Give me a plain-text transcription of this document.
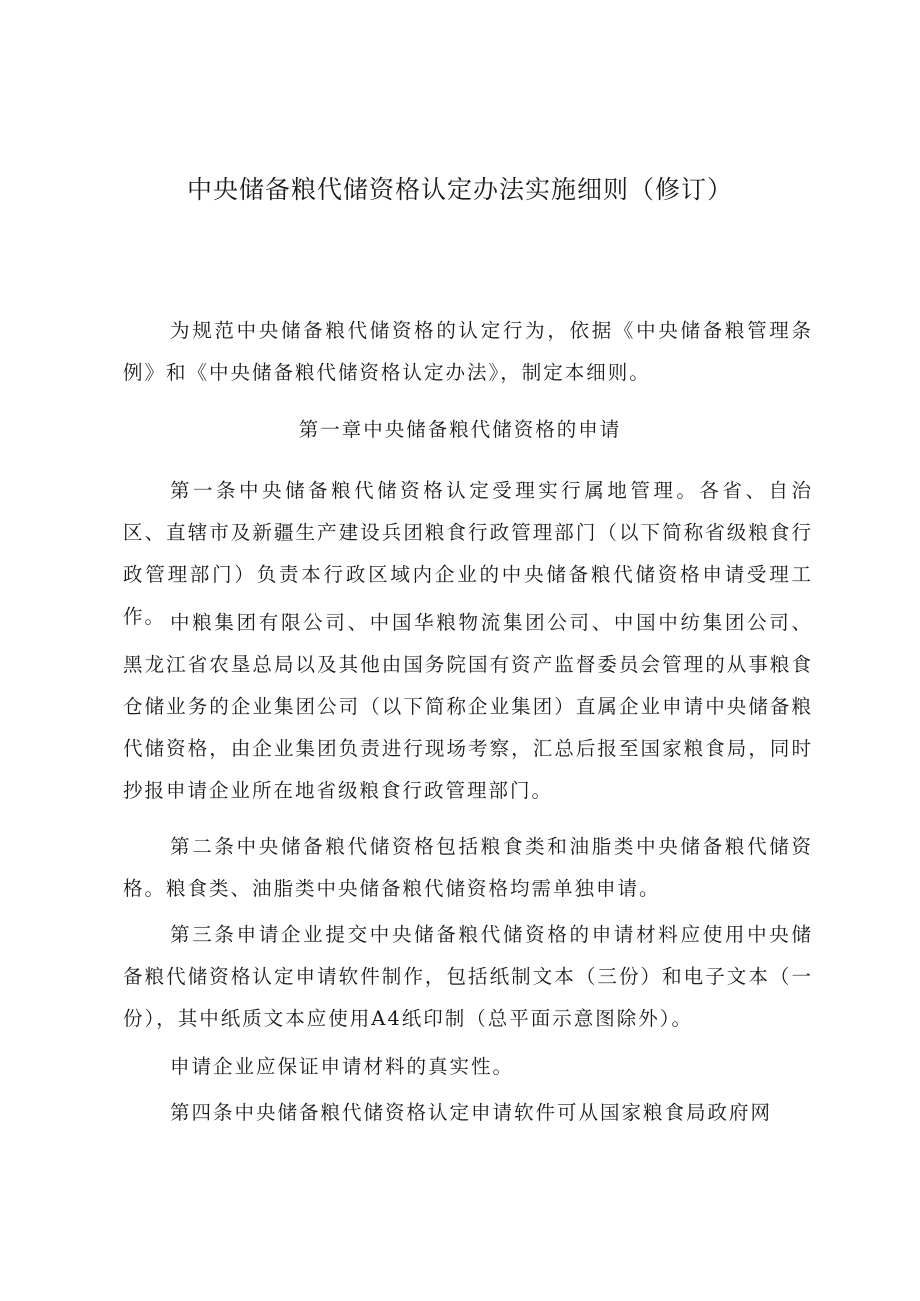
中央储备粮代储资格认定办法实施细则（修订）

为规范中央储备粮代储资格的认定行为，依据《中央储备粮管理条例》和《中央储备粮代储资格认定办法》，制定本细则。

第一章中央储备粮代储资格的申请

第一条中央储备粮代储资格认定受理实行属地管理。各省、自治区、直辖市及新疆生产建设兵团粮食行政管理部门（以下简称省级粮食行政管理部门）负责本行政区域内企业的中央储备粮代储资格申请受理工作。 中粮集团有限公司、中国华粮物流集团公司、中国中纺集团公司、黑龙江省农垦总局以及其他由国务院国有资产监督委员会管理的从事粮食仓储业务的企业集团公司（以下简称企业集团）直属企业申请中央储备粮代储资格，由企业集团负责进行现场考察，汇总后报至国家粮食局，同时抄报申请企业所在地省级粮食行政管理部门。

第二条中央储备粮代储资格包括粮食类和油脂类中央储备粮代储资格。粮食类、油脂类中央储备粮代储资格均需单独申请。

第三条申请企业提交中央储备粮代储资格的申请材料应使用中央储备粮代储资格认定申请软件制作，包括纸制文本（三份）和电子文本（一份），其中纸质文本应使用A4纸印制（总平面示意图除外）。

申请企业应保证申请材料的真实性。

第四条中央储备粮代储资格认定申请软件可从国家粮食局政府网
